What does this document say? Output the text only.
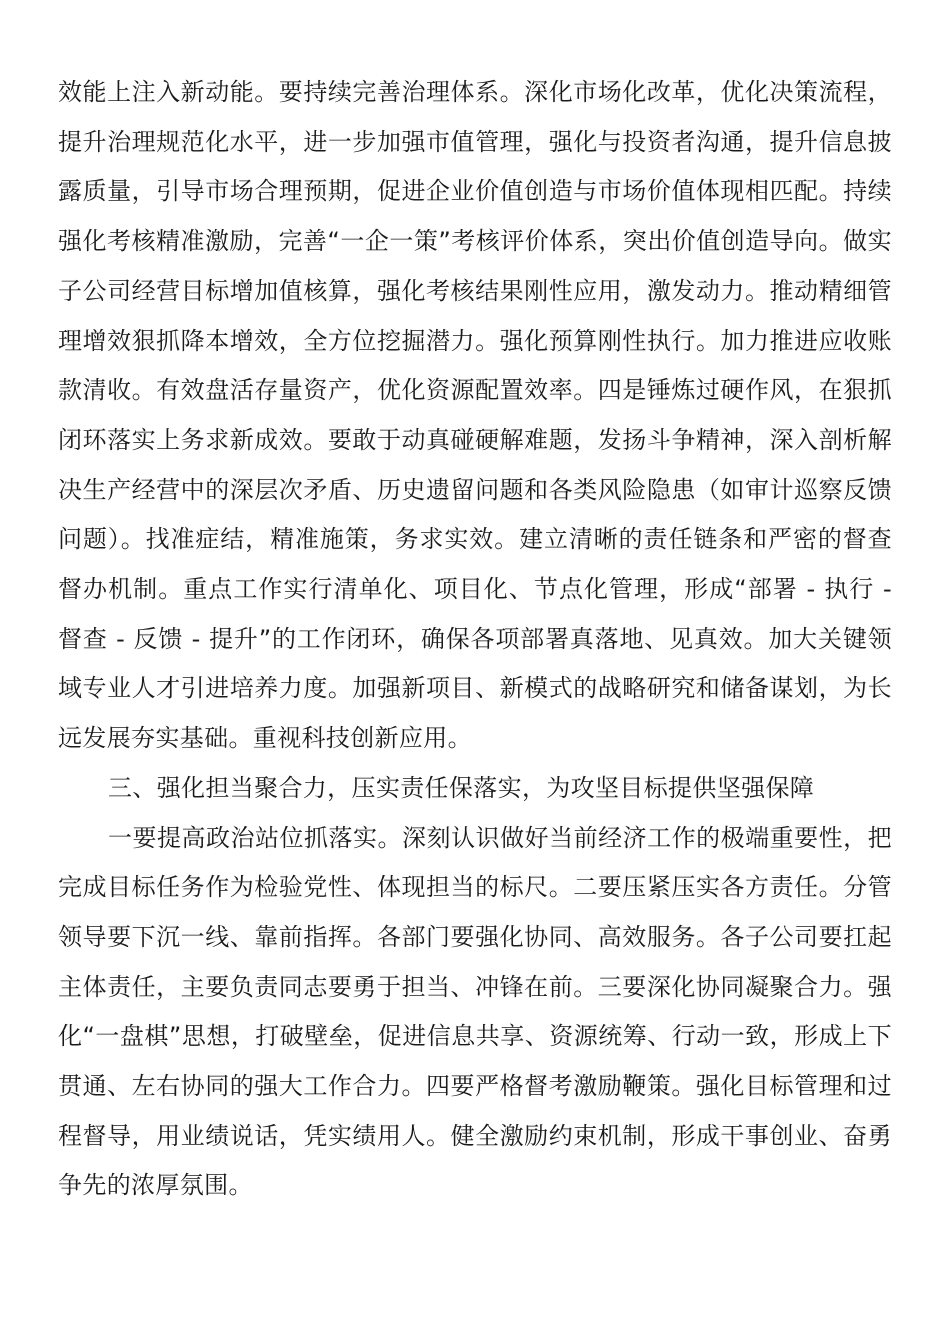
效能上注入新动能。要持续完善治理体系。深化市场化改革，优化决策流程，提升治理规范化水平，进一步加强市值管理，强化与投资者沟通，提升信息披露质量，引导市场合理预期，促进企业价值创造与市场价值体现相匹配。持续强化考核精准激励，完善“一企一策”考核评价体系，突出价值创造导向。做实子公司经营目标增加值核算，强化考核结果刚性应用，激发动力。推动精细管理增效狠抓降本增效，全方位挖掘潜力。强化预算刚性执行。加力推进应收账款清收。有效盘活存量资产，优化资源配置效率。四是锤炼过硬作风，在狠抓闭环落实上务求新成效。要敢于动真碰硬解难题，发扬斗争精神，深入剖析解决生产经营中的深层次矛盾、历史遗留问题和各类风险隐患（如审计巡察反馈问题）。找准症结，精准施策，务求实效。建立清晰的责任链条和严密的督查督办机制。重点工作实行清单化、项目化、节点化管理，形成“部署 - 执行 - 督查 - 反馈 - 提升”的工作闭环，确保各项部署真落地、见真效。加大关键领域专业人才引进培养力度。加强新项目、新模式的战略研究和储备谋划，为长远发展夯实基础。重视科技创新应用。

三、强化担当聚合力，压实责任保落实，为攻坚目标提供坚强保障

一要提高政治站位抓落实。深刻认识做好当前经济工作的极端重要性，把完成目标任务作为检验党性、体现担当的标尺。二要压紧压实各方责任。分管领导要下沉一线、靠前指挥。各部门要强化协同、高效服务。各子公司要扛起主体责任，主要负责同志要勇于担当、冲锋在前。三要深化协同凝聚合力。强化“一盘棋”思想，打破壁垒，促进信息共享、资源统筹、行动一致，形成上下贯通、左右协同的强大工作合力。四要严格督考激励鞭策。强化目标管理和过程督导，用业绩说话，凭实绩用人。健全激励约束机制，形成干事创业、奋勇争先的浓厚氛围。
